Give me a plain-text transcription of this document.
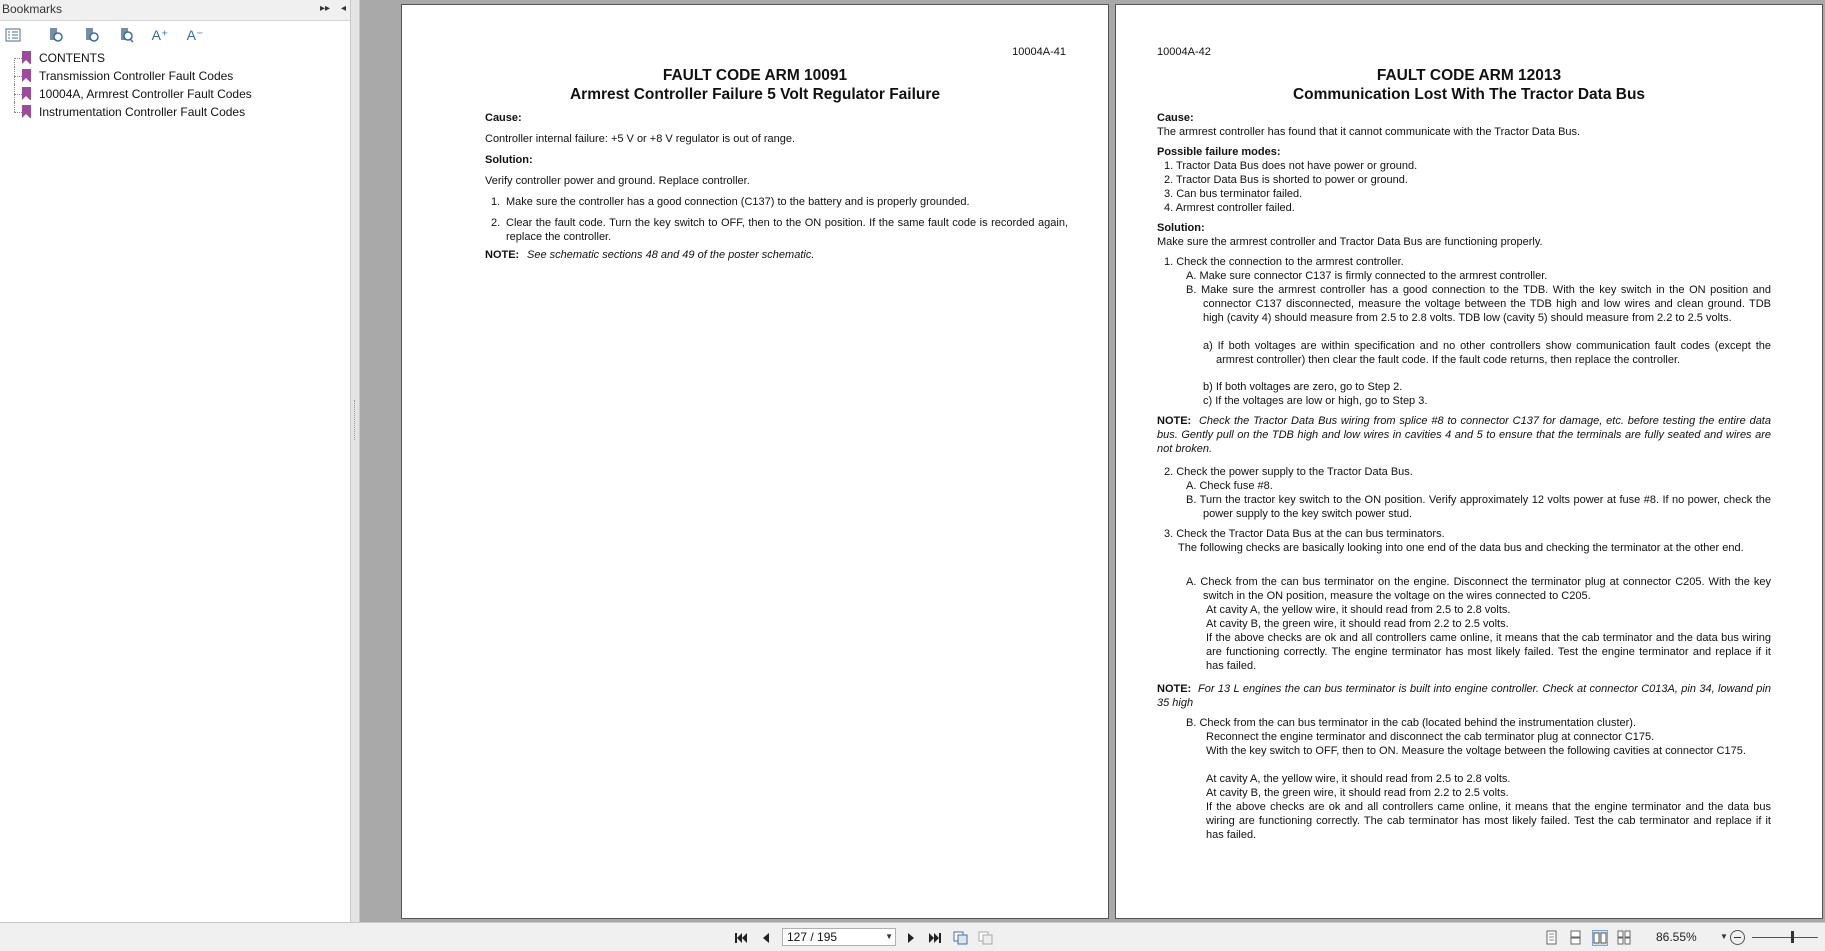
Bookmarks	▸▸ ◂
A⁺ A⁻
CONTENTS
Transmission Controller Fault Codes
10004A, Armrest Controller Fault Codes
Instrumentation Controller Fault Codes
10004A-41
FAULT CODE ARM 10091
Armrest Controller Failure 5 Volt Regulator Failure
Cause:
Controller internal failure: +5 V or +8 V regulator is out of range.
Solution:
Verify controller power and ground. Replace controller.
1. Make sure the controller has a good connection (C137) to the battery and is properly grounded.
2. Clear the fault code. Turn the key switch to OFF, then to the ON position. If the same fault code is recorded again, replace the controller.
NOTE: See schematic sections 48 and 49 of the poster schematic.
10004A-42
FAULT CODE ARM 12013
Communication Lost With The Tractor Data Bus
Cause:
The armrest controller has found that it cannot communicate with the Tractor Data Bus.
Possible failure modes:
1. Tractor Data Bus does not have power or ground.
2. Tractor Data Bus is shorted to power or ground.
3. Can bus terminator failed.
4. Armrest controller failed.
Solution:
Make sure the armrest controller and Tractor Data Bus are functioning properly.
1. Check the connection to the armrest controller.
A. Make sure connector C137 is firmly connected to the armrest controller.
B. Make sure the armrest controller has a good connection to the TDB. With the key switch in the ON position and connector C137 disconnected, measure the voltage between the TDB high and low wires and clean ground. TDB high (cavity 4) should measure from 2.5 to 2.8 volts. TDB low (cavity 5) should measure from 2.2 to 2.5 volts.
a) If both voltages are within specification and no other controllers show communication fault codes (except the armrest controller) then clear the fault code. If the fault code returns, then replace the controller.
b) If both voltages are zero, go to Step 2.
c) If the voltages are low or high, go to Step 3.
NOTE: Check the Tractor Data Bus wiring from splice #8 to connector C137 for damage, etc. before testing the entire data bus. Gently pull on the TDB high and low wires in cavities 4 and 5 to ensure that the terminals are fully seated and wires are not broken.
2. Check the power supply to the Tractor Data Bus.
A. Check fuse #8.
B. Turn the tractor key switch to the ON position. Verify approximately 12 volts power at fuse #8. If no power, check the power supply to the key switch power stud.
3. Check the Tractor Data Bus at the can bus terminators.
The following checks are basically looking into one end of the data bus and checking the terminator at the other end.
A. Check from the can bus terminator on the engine. Disconnect the terminator plug at connector C205. With the key switch in the ON position, measure the voltage on the wires connected to C205.
At cavity A, the yellow wire, it should read from 2.5 to 2.8 volts.
At cavity B, the green wire, it should read from 2.2 to 2.5 volts.
If the above checks are ok and all controllers came online, it means that the cab terminator and the data bus wiring are functioning correctly. The engine terminator has most likely failed. Test the engine terminator and replace if it has failed.
NOTE: For 13 L engines the can bus terminator is built into engine controller. Check at connector C013A, pin 34, lowand pin 35 high
B. Check from the can bus terminator in the cab (located behind the instrumentation cluster).
Reconnect the engine terminator and disconnect the cab terminator plug at connector C175.
With the key switch to OFF, then to ON. Measure the voltage between the following cavities at connector C175.
At cavity A, the yellow wire, it should read from 2.5 to 2.8 volts.
At cavity B, the green wire, it should read from 2.2 to 2.5 volts.
If the above checks are ok and all controllers came online, it means that the engine terminator and the data bus wiring are functioning correctly. The cab terminator has most likely failed. Test the cab terminator and replace if it has failed.
127 / 195	▼	86.55%	▼
